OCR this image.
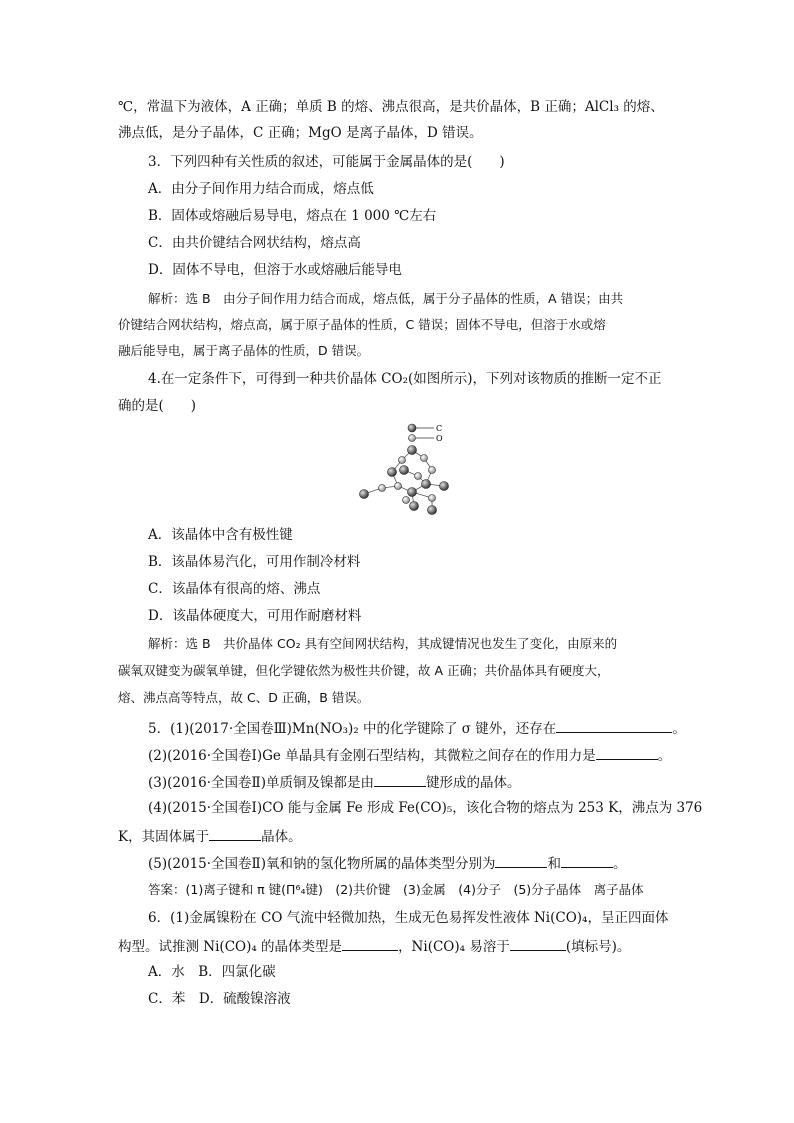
℃，常温下为液体，A 正确；单质 B 的熔、沸点很高，是共价晶体，B 正确；AlCl₃ 的熔、
沸点低，是分子晶体，C 正确；MgO 是离子晶体，D 错误。
3．下列四种有关性质的叙述，可能属于金属晶体的是(　　)
A．由分子间作用力结合而成，熔点低
B．固体或熔融后易导电，熔点在 1 000 ℃左右
C．由共价键结合网状结构，熔点高
D．固体不导电，但溶于水或熔融后能导电
解析：选 B　由分子间作用力结合而成，熔点低，属于分子晶体的性质，A 错误；由共
价键结合网状结构，熔点高，属于原子晶体的性质，C 错误；固体不导电，但溶于水或熔
融后能导电，属于离子晶体的性质，D 错误。
4.在一定条件下，可得到一种共价晶体 CO₂(如图所示)，下列对该物质的推断一定不正
确的是(　　)
C
O
A．该晶体中含有极性键
B．该晶体易汽化，可用作制冷材料
C．该晶体有很高的熔、沸点
D．该晶体硬度大，可用作耐磨材料
解析：选 B　共价晶体 CO₂ 具有空间网状结构，其成键情况也发生了变化，由原来的
碳氧双键变为碳氧单键，但化学键依然为极性共价键，故 A 正确；共价晶体具有硬度大，
熔、沸点高等特点，故 C、D 正确，B 错误。
5．(1)(2017·全国卷Ⅲ)Mn(NO₃)₂ 中的化学键除了 σ 键外，还存在	。
(2)(2016·全国卷Ⅰ)Ge 单晶具有金刚石型结构，其微粒之间存在的作用力是	。
(3)(2016·全国卷Ⅱ)单质铜及镍都是由	键形成的晶体。
(4)(2015·全国卷Ⅰ)CO 能与金属 Fe 形成 Fe(CO)₅，该化合物的熔点为 253 K，沸点为 376
K，其固体属于	晶体。
(5)(2015·全国卷Ⅱ)氧和钠的氢化物所属的晶体类型分别为	和	。
答案：(1)离子键和 π 键(Π⁶₄键)　(2)共价键　(3)金属　(4)分子　(5)分子晶体　离子晶体
6．(1)金属镍粉在 CO 气流中轻微加热，生成无色易挥发性液体 Ni(CO)₄，呈正四面体
构型。试推测 Ni(CO)₄ 的晶体类型是	，Ni(CO)₄ 易溶于	(填标号)。
A．水　B．四氯化碳
C．苯　D．硫酸镍溶液
